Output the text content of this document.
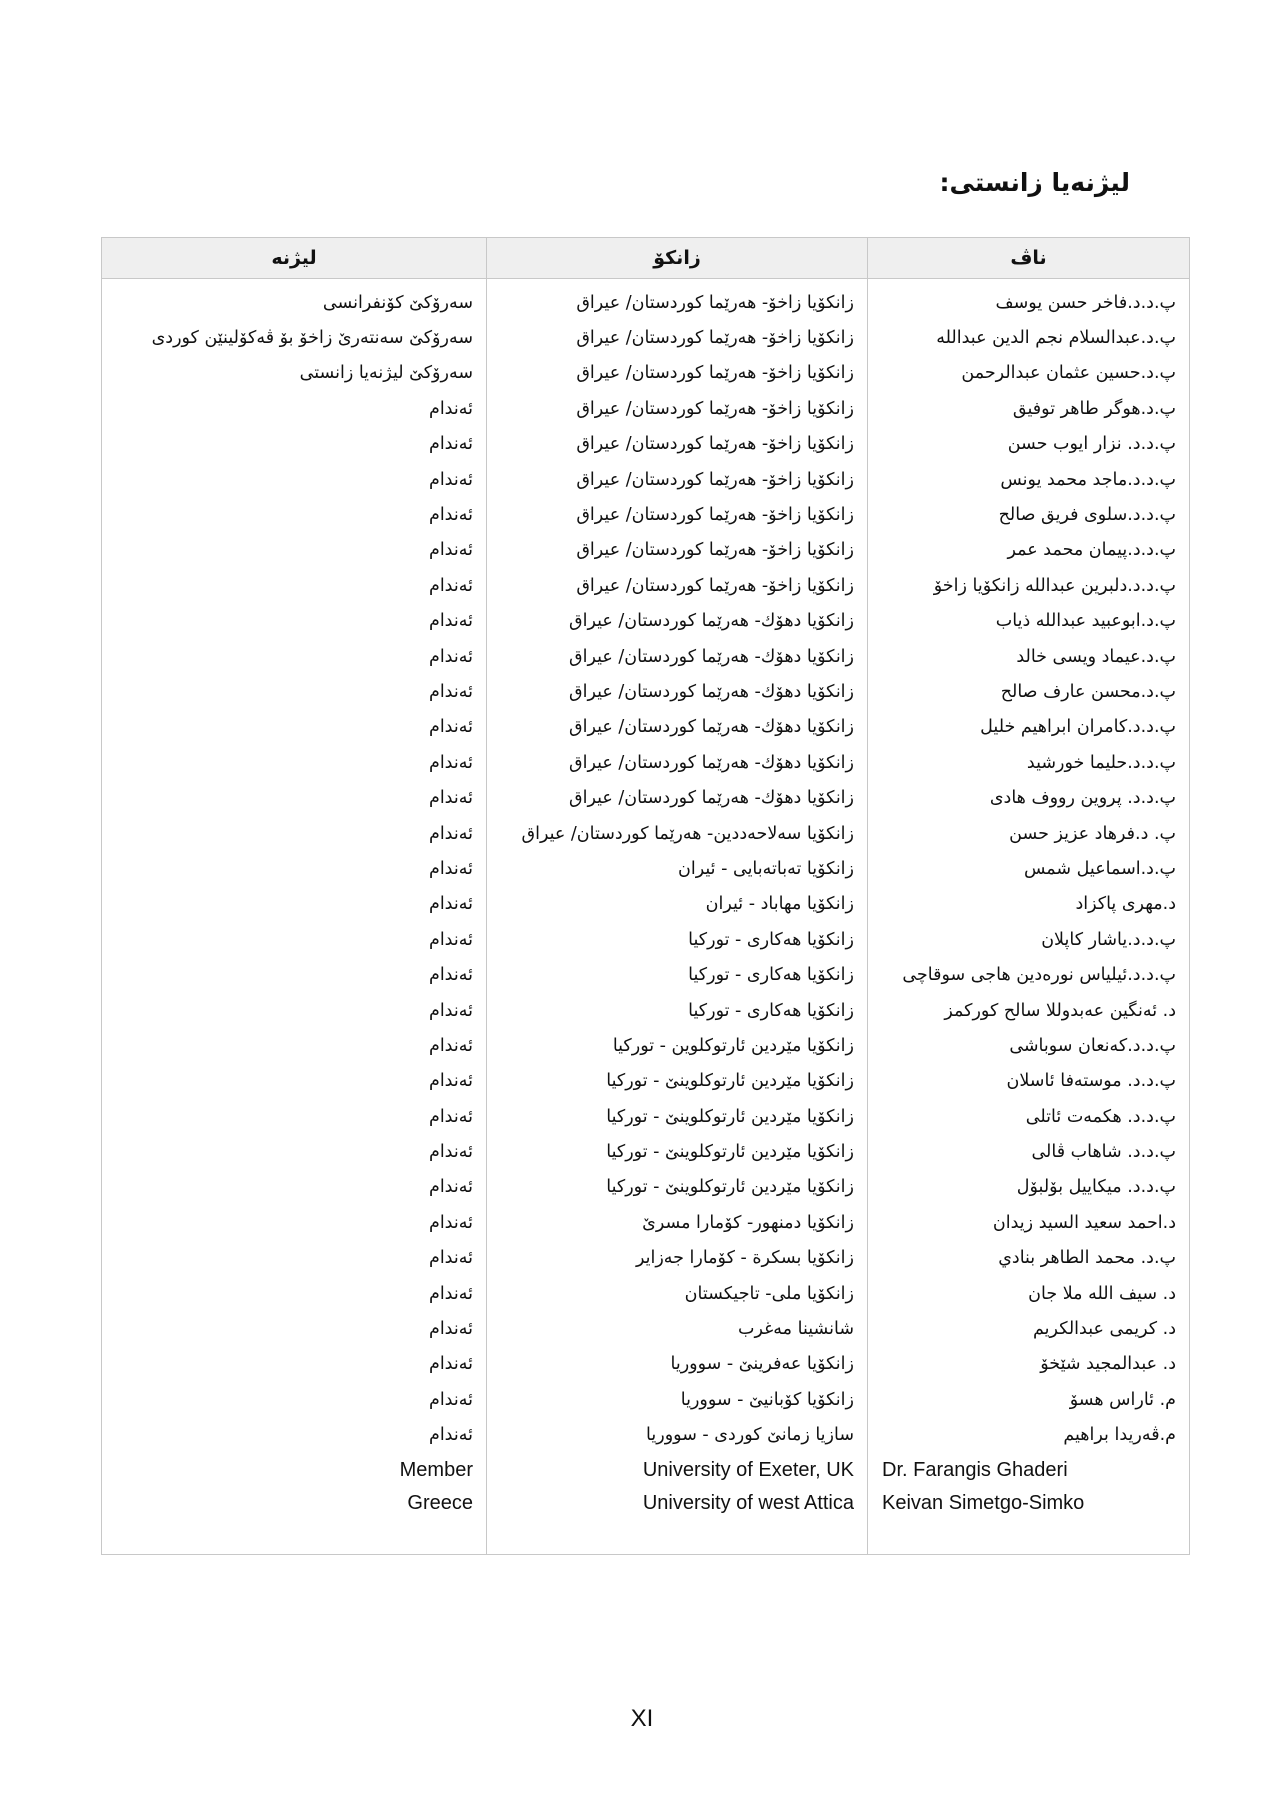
ليژنەيا زانستی:
ناڤ	زانكۆ	ليژنە
پ.د.د.فاخر حسن يوسف	زانكۆيا زاخۆ- هەرێما كوردستان/ عيراق	سەرۆكێ كۆنفرانسی
پ.د.عبدالسلام نجم الدين عبدالله	زانكۆيا زاخۆ- هەرێما كوردستان/ عيراق	سەرۆكێ سەنتەرێ زاخۆ بۆ ڤەكۆلينێن كوردی
پ.د.حسين عثمان عبدالرحمن	زانكۆيا زاخۆ- هەرێما كوردستان/ عيراق	سەرۆكێ ليژنەيا زانستی
پ.د.هوگر طاهر توفيق	زانكۆيا زاخۆ- هەرێما كوردستان/ عيراق	ئەندام
پ.د.د. نزار ايوب حسن	زانكۆيا زاخۆ- هەرێما كوردستان/ عيراق	ئەندام
پ.د.د.ماجد محمد يونس	زانكۆيا زاخۆ- هەرێما كوردستان/ عيراق	ئەندام
پ.د.د.سلوى فريق صالح	زانكۆيا زاخۆ- هەرێما كوردستان/ عيراق	ئەندام
پ.د.د.پيمان محمد عمر	زانكۆيا زاخۆ- هەرێما كوردستان/ عيراق	ئەندام
پ.د.د.دلبرين عبدالله زانكۆيا زاخۆ	زانكۆيا زاخۆ- هەرێما كوردستان/ عيراق	ئەندام
پ.د.ابوعبيد عبدالله ذياب	زانكۆيا دهۆك- هەرێما كوردستان/ عيراق	ئەندام
پ.د.عيماد ويسی خالد	زانكۆيا دهۆك- هەرێما كوردستان/ عيراق	ئەندام
پ.د.محسن عارف صالح	زانكۆيا دهۆك- هەرێما كوردستان/ عيراق	ئەندام
پ.د.د.كامران ابراهيم خليل	زانكۆيا دهۆك- هەرێما كوردستان/ عيراق	ئەندام
پ.د.د.حليما خورشيد	زانكۆيا دهۆك- هەرێما كوردستان/ عيراق	ئەندام
پ.د.د. پروين رووف هادی	زانكۆيا دهۆك- هەرێما كوردستان/ عيراق	ئەندام
پ. د.فرهاد عزيز حسن	زانكۆيا سەلاحەددين- هەرێما كوردستان/ عيراق	ئەندام
پ.د.اسماعيل شمس	زانكۆيا تەباتەبايی - ئيران	ئەندام
د.مهری پاكزاد	زانكۆيا مهاباد - ئيران	ئەندام
پ.د.د.ياشار كاپلان	زانكۆيا هەكاری - توركيا	ئەندام
پ.د.د.ئيلياس نورەدين هاجی سوقاچی	زانكۆيا هەكاری - توركيا	ئەندام
د. ئەنگين عەبدوللا سالح كورکمز	زانكۆيا هەكاری - توركيا	ئەندام
پ.د.د.كەنعان سوباشی	زانكۆيا مێردين ئارتوكلوين - توركيا	ئەندام
پ.د.د. موستەفا ئاسلان	زانكۆيا مێردين ئارتوكلوينێ - توركيا	ئەندام
پ.د.د. هكمەت ئاتلی	زانكۆيا مێردين ئارتوكلوينێ - توركيا	ئەندام
پ.د.د. شاهاب ڤالی	زانكۆيا مێردين ئارتوكلوينێ - توركيا	ئەندام
پ.د.د. ميكاييل بۆلبۆل	زانكۆيا مێردين ئارتوكلوينێ - توركيا	ئەندام
د.احمد سعيد السيد زيدان	زانكۆيا دمنهور- كۆمارا مسرێ	ئەندام
پ.د. محمد الطاهر بنادي	زانكۆيا بسكرة - كۆمارا جەزاير	ئەندام
د. سيف الله ملا جان	زانكۆيا ملی- تاجيكستان	ئەندام
د. كريمی عبدالكريم	شانشينا مەغرب	ئەندام
د. عبدالمجيد شێخۆ	زانكۆيا عەفرينێ - سووريا	ئەندام
م. ئاراس هسۆ	زانكۆيا كۆبانيێ - سووريا	ئەندام
م.ڤەريدا براهيم	سازيا زمانێ كوردی - سووريا	ئەندام
Dr. Farangis Ghaderi	University of Exeter, UK	Member
Keivan Simetgo-Simko	University of west Attica	Greece
XI
